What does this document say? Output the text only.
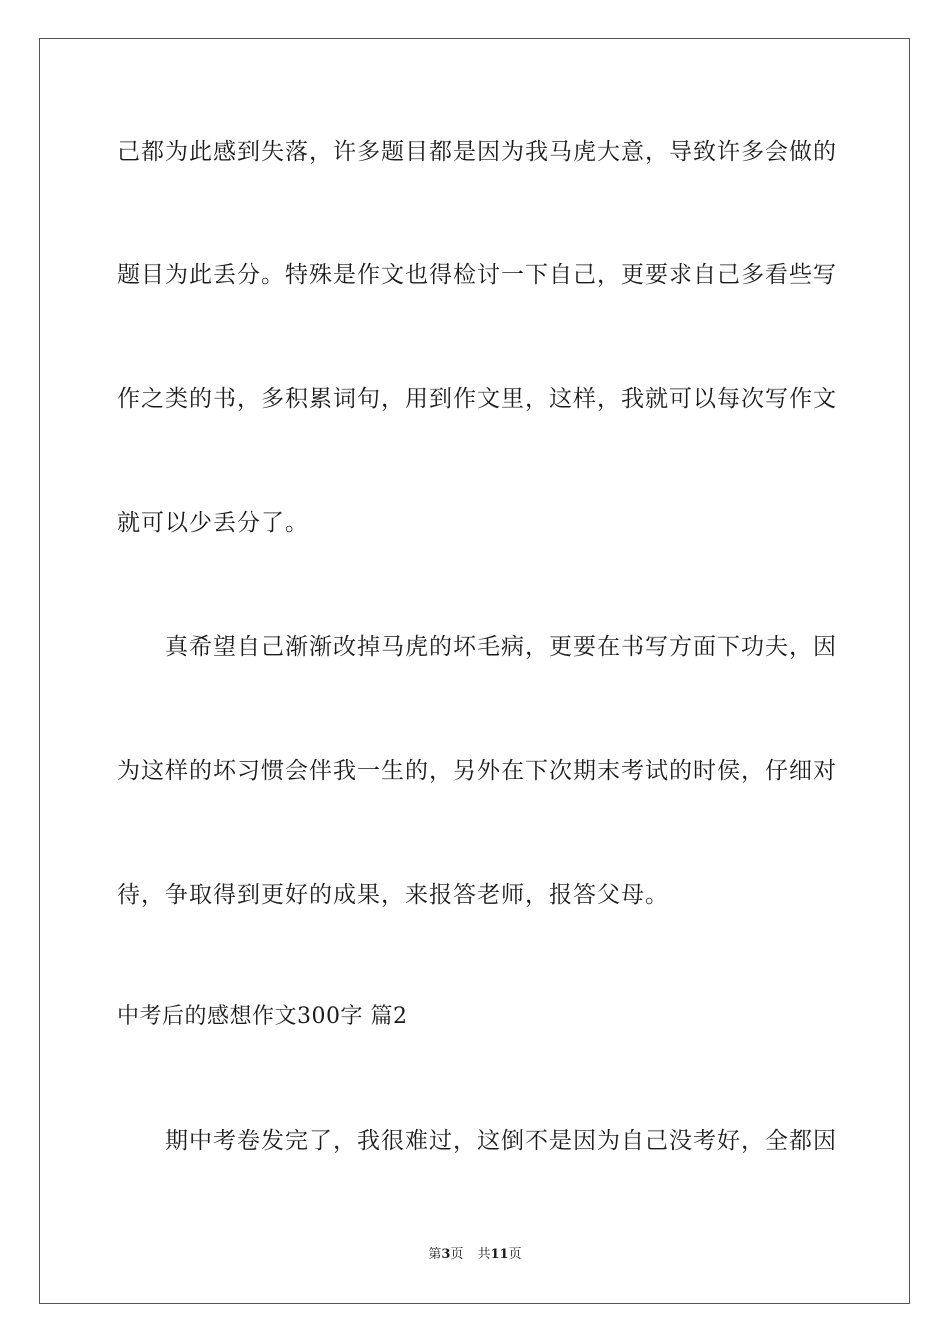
己都为此感到失落，许多题目都是因为我马虎大意，导致许多会做的
题目为此丢分。特殊是作文也得检讨一下自己，更要求自己多看些写
作之类的书，多积累词句，用到作文里，这样，我就可以每次写作文
就可以少丢分了。
真希望自己渐渐改掉马虎的坏毛病，更要在书写方面下功夫，因
为这样的坏习惯会伴我一生的，另外在下次期末考试的时侯，仔细对
待，争取得到更好的成果，来报答老师，报答父母。
中考后的感想作文300字 篇2
期中考卷发完了，我很难过，这倒不是因为自己没考好，全都因
第3页 共11页
